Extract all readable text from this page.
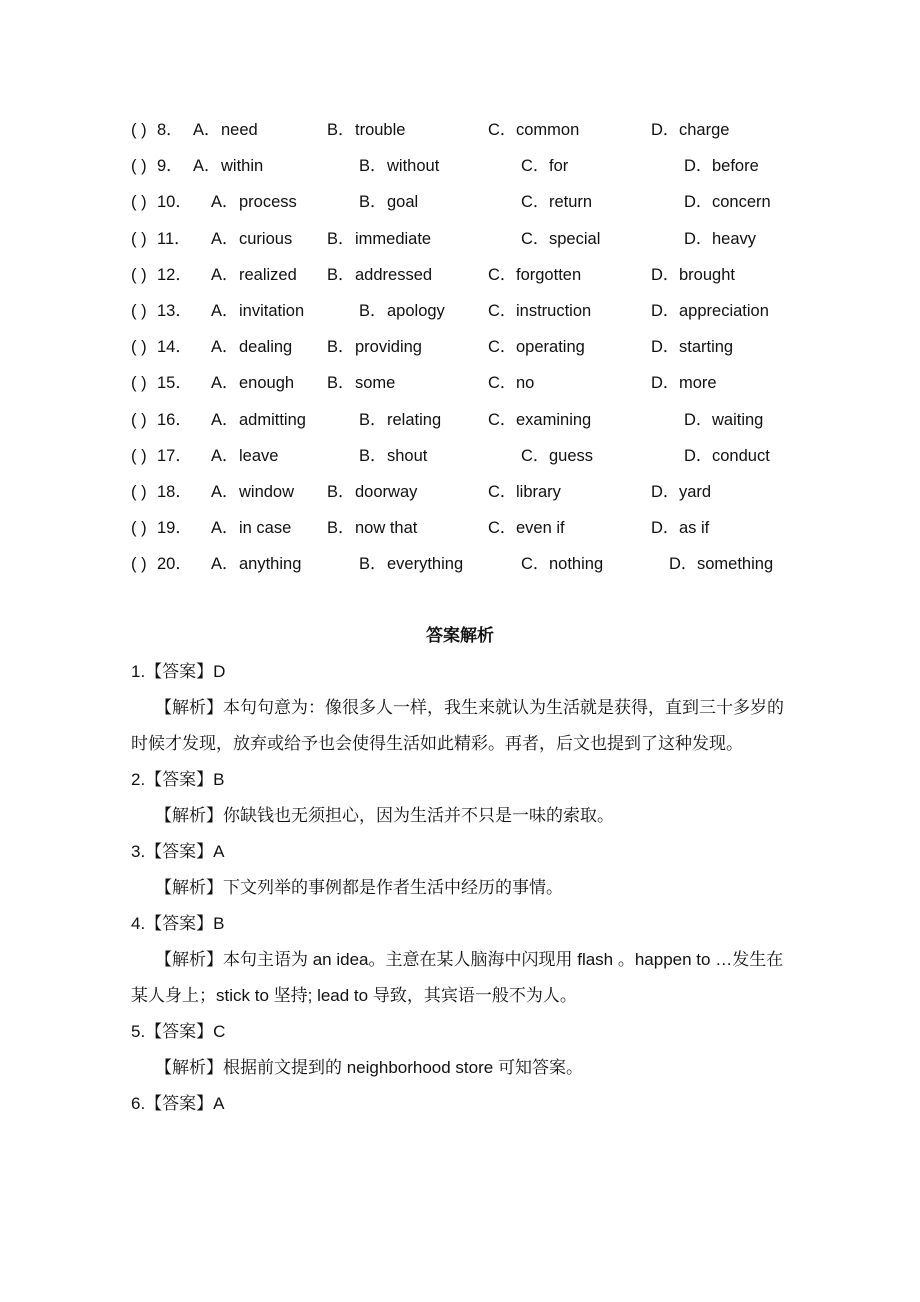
( ) 8． A． need	B． trouble	C． common	D． charge
( ) 9． A． within	B． without	C． for	D． before
( ) 10． A． process	B． goal	C． return	D． concern
( ) 11． A． curious B． immediate	C． special	D． heavy
( ) 12． A． realized B． addressed	C． forgotten	D． brought
( ) 13． A． invitation	B． apology	C． instruction	D． appreciation
( ) 14． A． dealing B． providing	C． operating	D． starting
( ) 15． A． enough B． some	C． no	D． more
( ) 16． A． admitting	B． relating	C． examining	D． waiting
( ) 17． A． leave	B． shout	C． guess	D． conduct
( ) 18． A． window B． doorway	C． library	D． yard
( ) 19． A． in case B． now that	C． even if	D． as if
( ) 20． A． anything	B． everything	C． nothing	D． something
答案解析
1.【答案】D
【解析】本句句意为：像很多人一样，我生来就认为生活就是获得，直到三十多岁的时候才发现，放弃或给予也会使得生活如此精彩。再者，后文也提到了这种发现。
2.【答案】B
【解析】你缺钱也无须担心，因为生活并不只是一味的索取。
3.【答案】A
【解析】下文列举的事例都是作者生活中经历的事情。
4.【答案】B
【解析】本句主语为 an idea。主意在某人脑海中闪现用 flash 。happen to …发生在某人身上；stick to 坚持; lead to 导致，其宾语一般不为人。
5.【答案】C
【解析】根据前文提到的 neighborhood store 可知答案。
6.【答案】A
